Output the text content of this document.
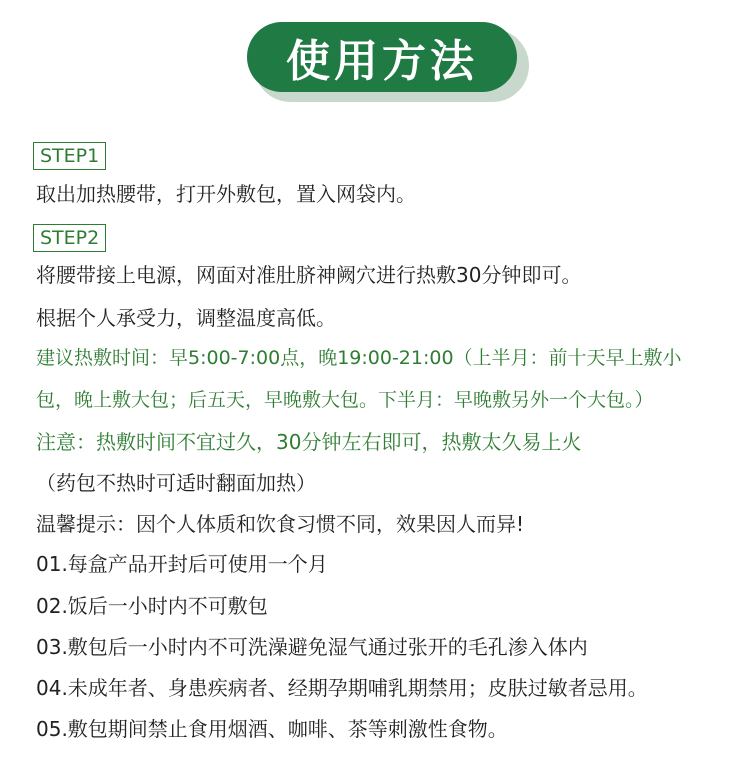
使用方法
STEP1
取出加热腰带，打开外敷包，置入网袋内。
STEP2
将腰带接上电源，网面对准肚脐神阙穴进行热敷30分钟即可。
根据个人承受力，调整温度高低。
建议热敷时间：早5:00-7:00点，晚19:00-21:00（上半月：前十天早上敷小
包，晚上敷大包；后五天，早晚敷大包。下半月：早晚敷另外一个大包。）
注意：热敷时间不宜过久，30分钟左右即可，热敷太久易上火
（药包不热时可适时翻面加热）
温馨提示：因个人体质和饮食习惯不同，效果因人而异!
01.每盒产品开封后可使用一个月
02.饭后一小时内不可敷包
03.敷包后一小时内不可洗澡避免湿气通过张开的毛孔渗入体内
04.未成年者、身患疾病者、经期孕期哺乳期禁用；皮肤过敏者忌用。
05.敷包期间禁止食用烟酒、咖啡、茶等刺激性食物。
